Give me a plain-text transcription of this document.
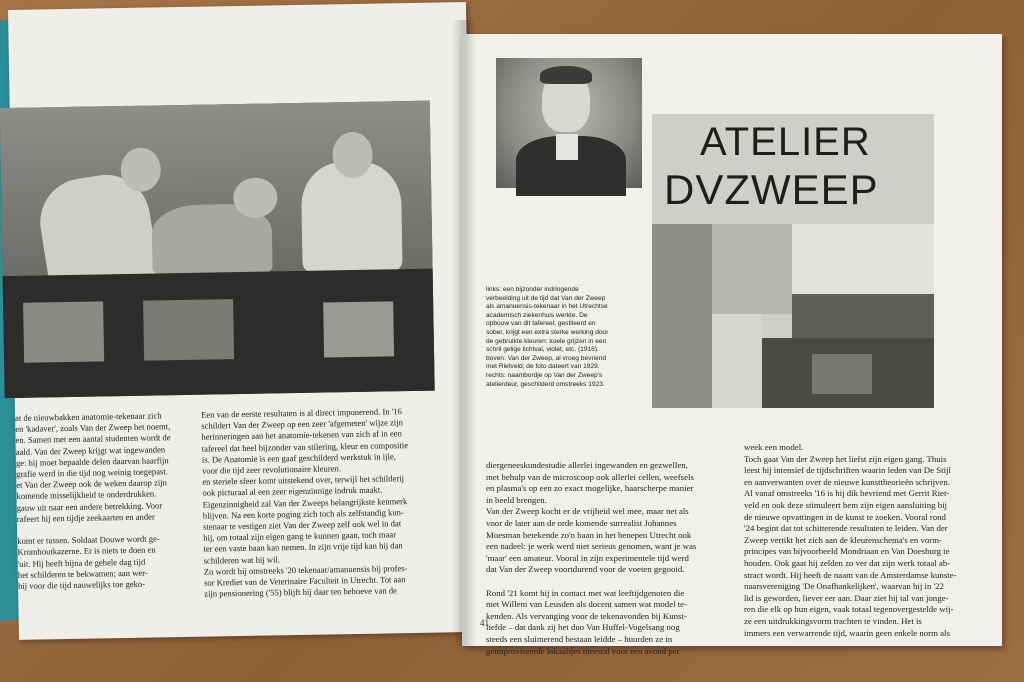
at de nieuwbakken anatomie-tekenaar zich

en 'kadaver', zoals Van der Zweep het noemt,

en. Samen met een aantal studenten wordt de

aald. Van der Zweep krijgt wat ingewanden

ge: hij moet bepaalde delen daarvan haarfijn

grafie werd in die tijd nog weinig toegepast.

et Van der Zweep ook de weken daarop zijn

komende misselijkheid te onderdrukken.

gauw uit naar een andere betrekking. Voor

rafeert hij een tijdje zeekaarten en ander

komt er tussen. Soldaat Douwe wordt ge-

Kromhoutkazerne. Er is niets te doen en

'uit. Hij heeft bijna de gehele dag tijd

het schilderen te bekwamen; aan wer-

hij voor die tijd nauwelijks toe geko-

Een van de eerste resultaten is al direct imponerend. In '16

schildert Van der Zweep op een zeer 'afgemeten' wijze zijn

herinneringen aan het anatomie-tekenen van zich af in een

tafereel dat heel bijzonder van stilering, kleur en compositie

is. De Anatomie is een gaaf geschilderd werkstuk in ijle,

voor die tijd zeer revolutionaire kleuren.

en steriele sfeer komt uitstekend over, terwijl het schilderij

ook picturaal al een zeer eigenzinnige indruk maakt.

Eigenzinnigheid zal Van der Zweeps belangrijkste kenmerk

blijven. Na een korte poging zich toch als zelfstandig kun-

stenaar te vestigen ziet Van der Zweep zelf ook wel in dat

hij, om totaal zijn eigen gang te kunnen gaan, toch maar

ter een vaste baan kan nemen. In zijn vrije tijd kan hij dan

schilderen wat hij wil.

Zo wordt hij omstreeks '20 tekenaar/amanuensis bij profes-

sor Krediet van de Veterinaire Faculteit in Utrecht. Tot aan

zijn pensionering ('55) blijft hij daar ten behoeve van de

links: een bijzonder indringende verbeelding uit de tijd dat Van der Zweep als amanuensis-tekenaar in het Utrechtse academisch ziekenhuis werkte. De opbouw van dit tafereel, gestileerd en sober, krijgt een extra sterke werking door de gebruikte kleuren: koele grijzen in een schril gelige lichtval, violet, etc. (1916). boven: Van der Zweep, al vroeg bevriend met Rietveld; de foto dateert van 1929. rechts: naambordje op Van der Zweep's atelierdeur, geschilderd omstreeks 1923.
ATELIER
DVZWEEP

diergeneeskundestudie allerlei ingewanden en gezwellen,

met behulp van de microscoop ook allerlei cellen, weefsels

en plasma's op een zo exact mogelijke, haarscherpe manier

in beeld brengen.

Van der Zweep kocht er de vrijheid wel mee, maar net als

voor de later aan de orde komende surrealist Johannes

Moesman betekende zo'n baan in het benepen Utrecht ook

een nadeel: je werk werd niet serieus genomen, want je was

'maar' een amateur. Vooral in zijn experimentele tijd werd

dat Van der Zweep voortdurend voor de voeten gegooid.

Rond '21 komt hij in contact met wat leeftijdgenoten die

met Willem van Leusden als docent samen wat model te-

kenden. Als vervanging voor de tekenavonden bij Kunst-

liefde – dat dank zij het duo Van Huffel-Vogelsang nog

steeds een sluimerend bestaan leidde – huurden ze in

geïmproviseerde lokaaltjes meestal voor een avond per

week een model.

Toch gaat Van der Zweep het liefst zijn eigen gang. Thuis

leest hij intensief de tijdschriften waarin leden van De Stijl

en aanverwanten over de nieuwe kunsttheorieën schrijven.

Al vanaf omstreeks '16 is hij dik bevriend met Gerrit Riet-

veld en ook deze stimuleert hem zijn eigen aansluiting bij

de nieuwe opvattingen in de kunst te zoeken. Vooral rond

'24 begint dat tot schitterende resultaten te leiden. Van der

Zweep vertikt het zich aan de kleurenschema's en vorm-

principes van bijvoorbeeld Mondriaan en Van Doesburg te

houden. Ook gaat hij zelden zo ver dat zijn werk totaal ab-

stract wordt. Hij heeft de naam van de Amsterdamse kunste-

naarsvereniging 'De Onafhankelijken', waarvan hij in '22

lid is geworden, liever eer aan. Daar ziet hij tal van jonge-

ren die elk op hun eigen, vaak totaal tegenovergestelde wij-

ze een uitdrukkingsvorm trachten te vinden. Het is

immers een verwarrende tijd, waarin geen enkele norm als

41
